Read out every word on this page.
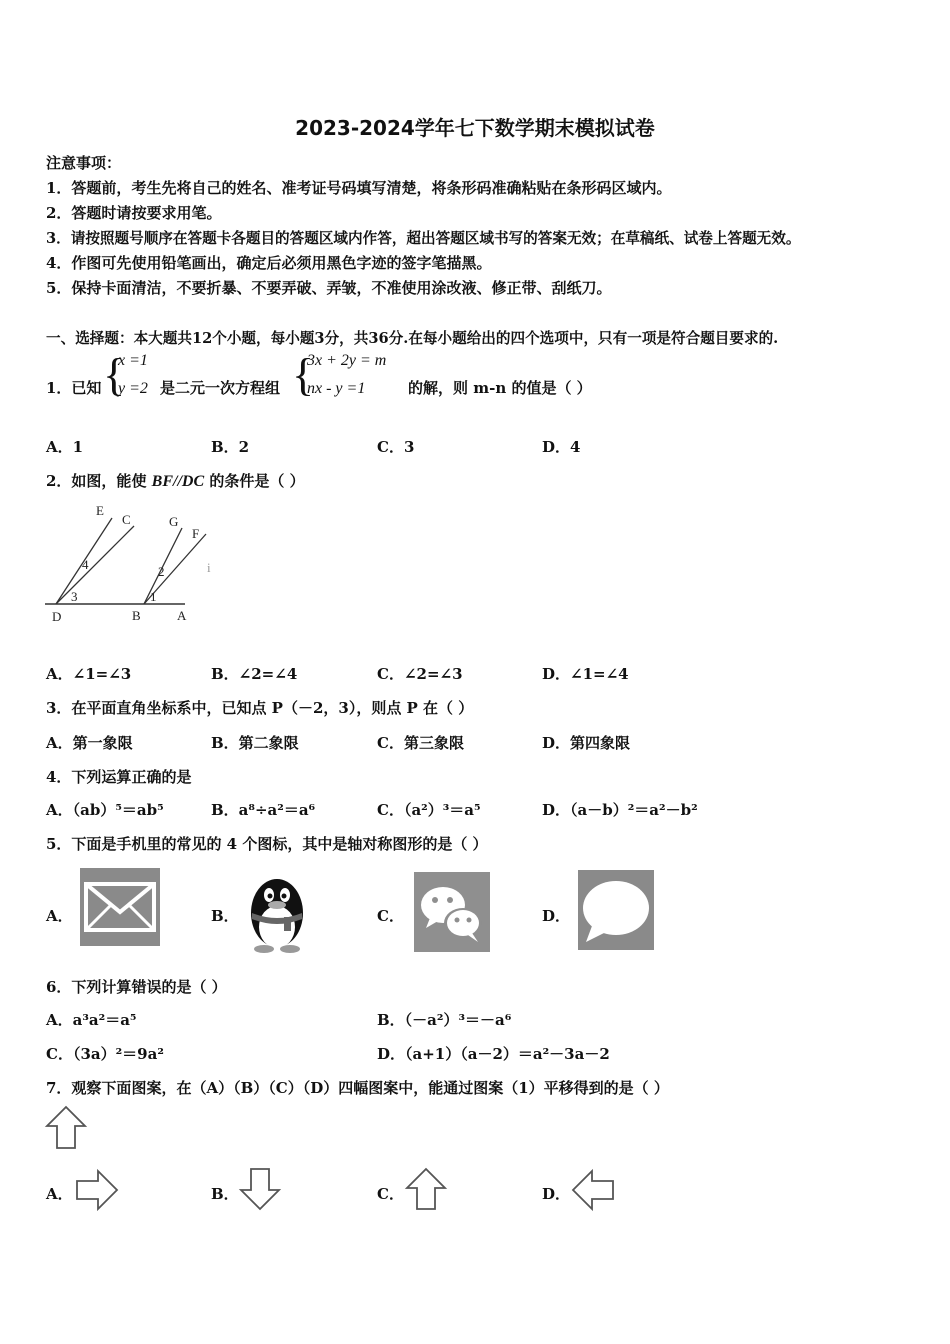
2023-2024学年七下数学期末模拟试卷
注意事项：
1．答题前，考生先将自己的姓名、准考证号码填写清楚，将条形码准确粘贴在条形码区域内。
2．答题时请按要求用笔。
3．请按照题号顺序在答题卡各题目的答题区域内作答，超出答题区域书写的答案无效；在草稿纸、试卷上答题无效。
4．作图可先使用铅笔画出，确定后必须用黑色字迹的签字笔描黑。
5．保持卡面清洁，不要折暴、不要弄破、弄皱，不准使用涂改液、修正带、刮纸刀。
一、选择题：本大题共12个小题，每小题3分，共36分.在每小题给出的四个选项中，只有一项是符合题目要求的.
1．已知 {
x =1
y =2 是二元一次方程组 {
3x + 2y = m
nx - y =1	的解，则 m-n 的值是（ ）
A．1	B．2	C．3	D．4
2．如图，能使 BF//DC 的条件是（ ）
E
C	G
F
4
3
2
1
D	B	A
i
A．∠1=∠3	B．∠2=∠4	C．∠2=∠3	D．∠1=∠4
3．在平面直角坐标系中，已知点 P（－2，3），则点 P 在（ ）
A．第一象限	B．第二象限	C．第三象限	D．第四象限
4．下列运算正确的是
A．（ab）⁵＝ab⁵	B．a⁸÷a²＝a⁶	C．（a²）³＝a⁵	D．（a－b）²＝a²－b²
5．下面是手机里的常见的 4 个图标，其中是轴对称图形的是（ ）
A．	B．	C．	D．
6．下列计算错误的是（ ）
A．a³a²＝a⁵	B．（－a²）³＝－a⁶
C．（3a）²＝9a²	D．（a+1）（a－2）＝a²－3a－2
7．观察下面图案，在（A）（B）（C）（D）四幅图案中，能通过图案（1）平移得到的是（ ）
A．	B．	C．	D．
